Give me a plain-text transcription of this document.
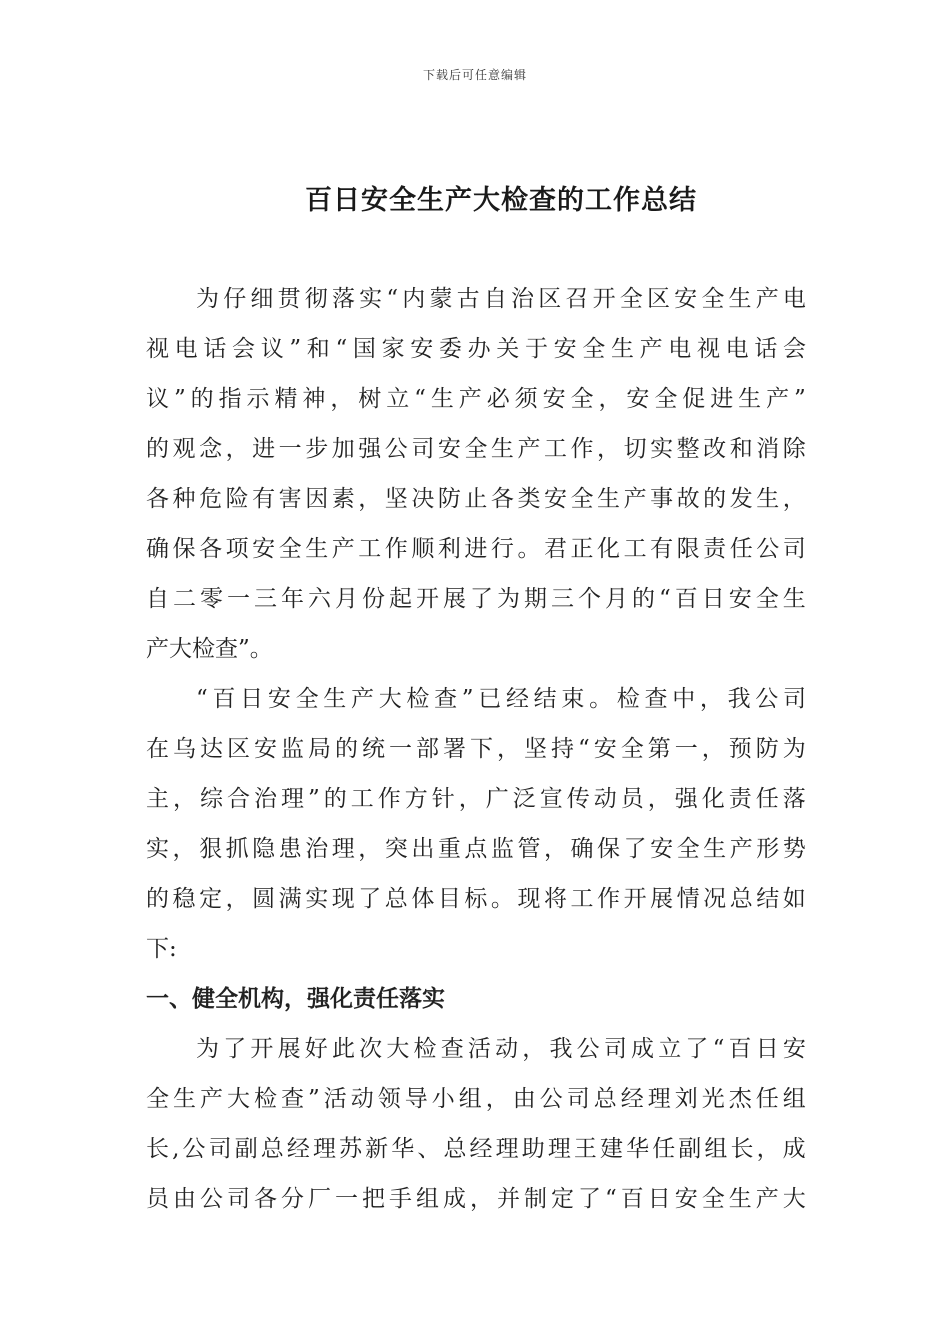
下载后可任意编辑
百日安全生产大检查的工作总结
为 仔 细 贯 彻 落 实 “ 内 蒙 古 自 治 区 召 开 全 区 安 全 生 产 电
视 电 话 会 议 ” 和 “ 国 家 安 委 办 关 于 安 全 生 产 电 视 电 话 会
议 ” 的 指 示 精 神 ， 树 立 “ 生 产 必 须 安 全 ， 安 全 促 进 生 产 ”
的 观 念 ， 进 一 步 加 强 公 司 安 全 生 产 工 作 ， 切 实 整 改 和 消 除
各 种 危 险 有 害 因 素 ， 坚 决 防 止 各 类 安 全 生 产 事 故 的 发 生 ，
确 保 各 项 安 全 生 产 工 作 顺 利 进 行 。 君 正 化 工 有 限 责 任 公 司
自 二 零 一 三 年 六 月 份 起 开 展 了 为 期 三 个 月 的 “ 百 日 安 全 生
产大检查”。
“ 百 日 安 全 生 产 大 检 查 ” 已 经 结 束 。 检 查 中 ， 我 公 司
在 乌 达 区 安 监 局 的 统 一 部 署 下 ， 坚 持 “ 安 全 第 一 ， 预 防 为
主 ， 综 合 治 理 ” 的 工 作 方 针 ， 广 泛 宣 传 动 员 ， 强 化 责 任 落
实 ， 狠 抓 隐 患 治 理 ， 突 出 重 点 监 管 ， 确 保 了 安 全 生 产 形 势
的 稳 定 ， 圆 满 实 现 了 总 体 目 标 。 现 将 工 作 开 展 情 况 总 结 如
下:
一、健全机构，强化责任落实
为 了 开 展 好 此 次 大 检 查 活 动 ， 我 公 司 成 立 了 “ 百 日 安
全 生 产 大 检 查 ” 活 动 领 导 小 组 ， 由 公 司 总 经 理 刘 光 杰 任 组
长 , 公 司 副 总 经 理 苏 新 华 、 总 经 理 助 理 王 建 华 任 副 组 长 ， 成
员 由 公 司 各 分 厂 一 把 手 组 成 ， 并 制 定 了 “ 百 日 安 全 生 产 大
